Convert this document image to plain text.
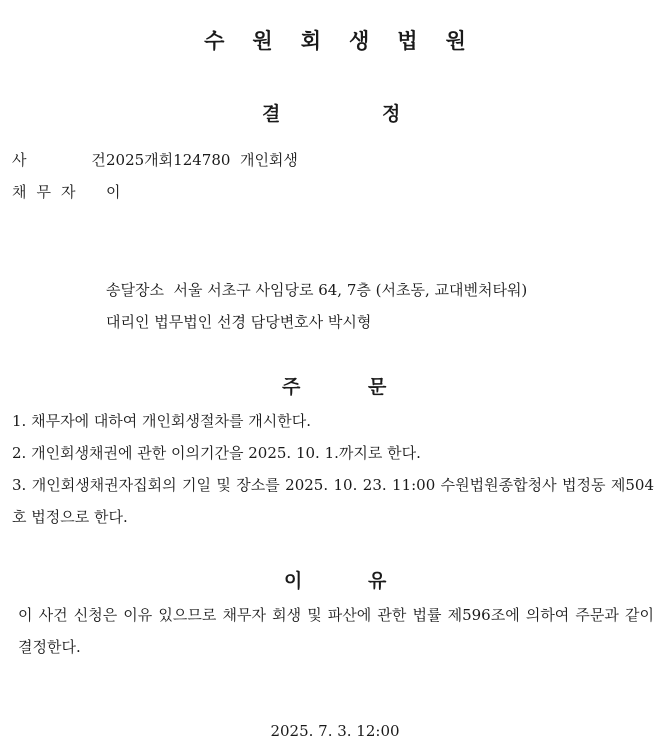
수원회생법원
결	정
사 건2025개회124780  개인회생
채무자 이
송달장소  서울 서초구 사임당로 64, 7층 (서초동, 교대벤처타워)
대리인 법무법인 선경 담당변호사 박시형
주	문
1. 채무자에 대하여 개인회생절차를 개시한다.
2. 개인회생채권에 관한 이의기간을 2025. 10. 1.까지로 한다.
3. 개인회생채권자집회의 기일 및 장소를 2025. 10. 23. 11:00 수원법원종합청사 법정동 제504호 법정으로 한다.
이	유
이 사건 신청은 이유 있으므로 채무자 회생 및 파산에 관한 법률 제596조에 의하여 주문과 같이 결정한다.
2025. 7. 3. 12:00
